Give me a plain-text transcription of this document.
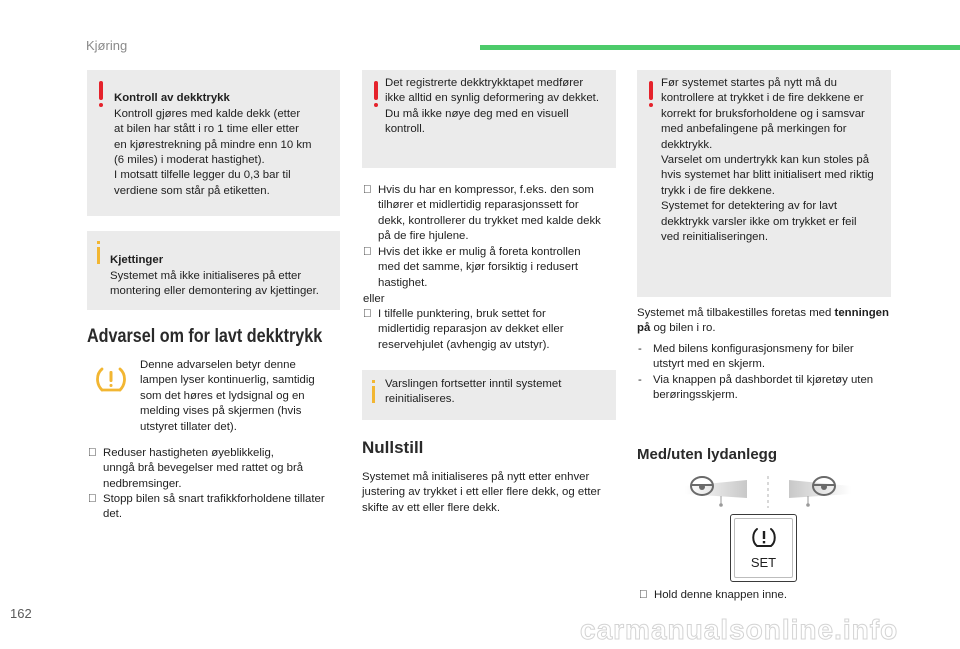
Kjøring

Kontroll av dekktrykk

Kontroll gjøres med kalde dekk (etter
at bilen har stått i ro 1 time eller etter
en kjørestrekning på mindre enn 10 km
(6 miles) i moderat hastighet).
I motsatt tilfelle legger du 0,3 bar til
verdiene som står på etiketten.

Kjettinger

Systemet må ikke initialiseres på etter
montering eller demontering av kjettinger.

Advarsel om for lavt dekktrykk
Denne advarselen betyr denne
lampen lyser kontinuerlig, samtidig
som det høres et lydsignal og en
melding vises på skjermen (hvis
utstyret tillater det).
Reduser hastigheten øyeblikkelig,
unngå brå bevegelser med rattet og brå
nedbremsinger.
Stopp bilen så snart trafikkforholdene tillater
det.
Det registrerte dekktrykktapet medfører
ikke alltid en synlig deformering av dekket.
Du må ikke nøye deg med en visuell
kontroll.
Hvis du har en kompressor, f.eks. den som
tilhører et midlertidig reparasjonssett for
dekk, kontrollerer du trykket med kalde dekk
på de fire hjulene.
Hvis det ikke er mulig å foreta kontrollen
med det samme, kjør forsiktig i redusert
hastighet.
eller
I tilfelle punktering, bruk settet for
midlertidig reparasjon av dekket eller
reservehjulet (avhengig av utstyr).
Varslingen fortsetter inntil systemet
reinitialiseres.
Nullstill
Systemet må initialiseres på nytt etter enhver
justering av trykket i ett eller flere dekk, og etter
skifte av ett eller flere dekk.
Før systemet startes på nytt må du
kontrollere at trykket i de fire dekkene er
korrekt for bruksforholdene og i samsvar
med anbefalingene på merkingen for
dekktrykk.
Varselet om undertrykk kan kun stoles på
hvis systemet har blitt initialisert med riktig
trykk i de fire dekkene.
Systemet for detektering av for lavt
dekktrykk varsler ikke om trykket er feil
ved reinitialiseringen.
Systemet må tilbakestilles foretas med tenningen på og bilen i ro.
- Med bilens konfigurasjonsmeny for biler
utstyrt med en skjerm.
- Via knappen på dashbordet til kjøretøy uten
berøringsskjerm.
Med/uten lydanlegg
SET
Hold denne knappen inne.
162
carmanualsonline.info
